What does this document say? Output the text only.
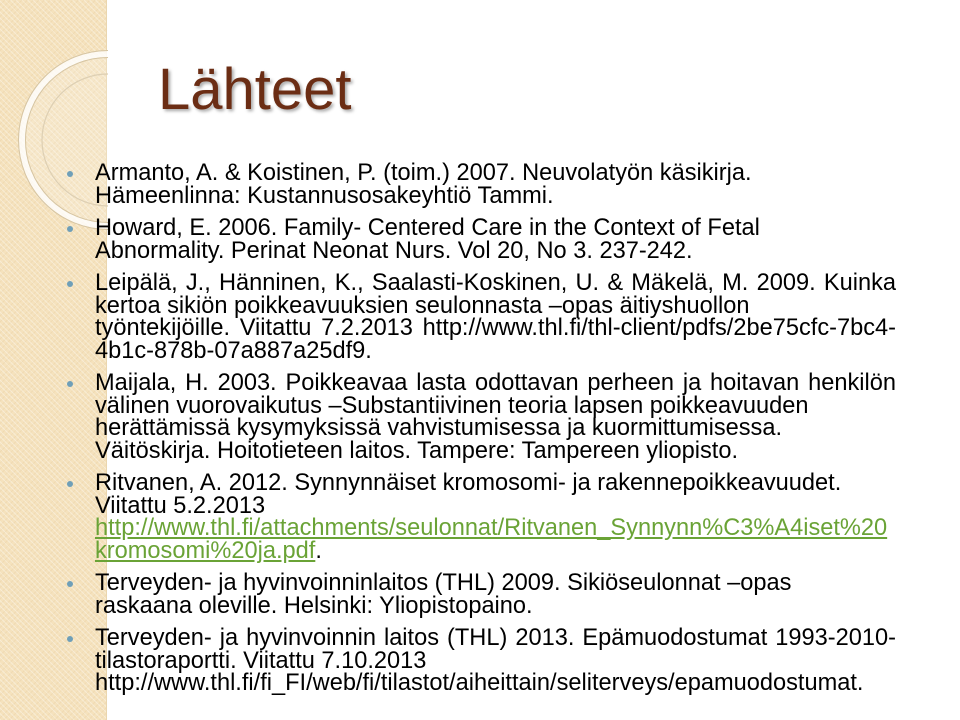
Lähteet
Armanto, A. & Koistinen, P. (toim.) 2007. Neuvolatyön käsikirja.
Hämeenlinna: Kustannusosakeyhtiö Tammi.
Howard, E. 2006. Family- Centered Care in the Context of Fetal
Abnormality. Perinat Neonat Nurs. Vol 20, No 3. 237-242.
Leipälä, J., Hänninen, K., Saalasti-Koskinen, U. & Mäkelä, M. 2009. Kuinka
kertoa sikiön poikkeavuuksien seulonnasta –opas äitiyshuollon
työntekijöille. Viitattu 7.2.2013 http://www.thl.fi/thl-client/pdfs/2be75cfc-7bc4-
4b1c-878b-07a887a25df9.
Maijala, H. 2003. Poikkeavaa lasta odottavan perheen ja hoitavan henkilön
välinen vuorovaikutus –Substantiivinen teoria lapsen poikkeavuuden
herättämissä kysymyksissä vahvistumisessa ja kuormittumisessa.
Väitöskirja. Hoitotieteen laitos. Tampere: Tampereen yliopisto.
Ritvanen, A. 2012. Synnynnäiset kromosomi- ja rakennepoikkeavuudet.
Viitattu 5.2.2013
http://www.thl.fi/attachments/seulonnat/Ritvanen_Synnynn%C3%A4iset%20
kromosomi%20ja.pdf.
Terveyden- ja hyvinvoinninlaitos (THL) 2009. Sikiöseulonnat –opas
raskaana oleville. Helsinki: Yliopistopaino.
Terveyden- ja hyvinvoinnin laitos (THL) 2013. Epämuodostumat 1993-2010-
tilastoraportti. Viitattu 7.10.2013
http://www.thl.fi/fi_FI/web/fi/tilastot/aiheittain/seliterveys/epamuodostumat.
